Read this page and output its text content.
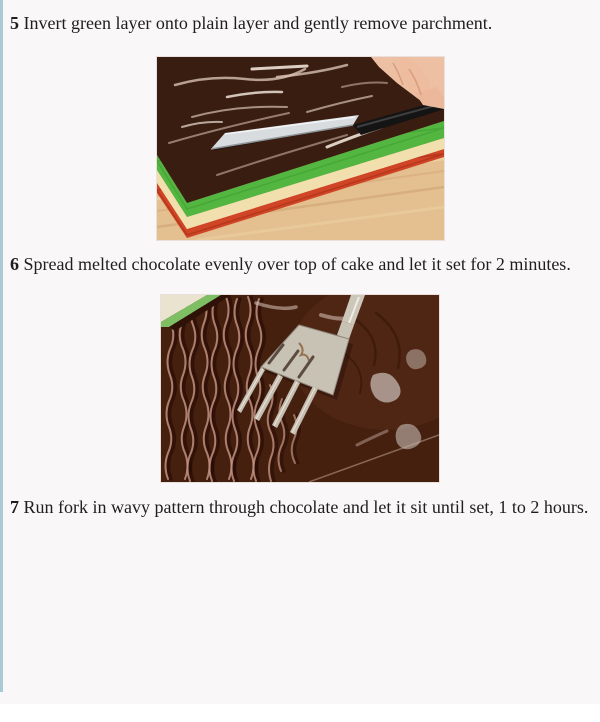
5 Invert green layer onto plain layer and gently remove parchment.

6 Spread melted chocolate evenly over top of cake and let it set for 2 minutes.

7 Run fork in wavy pattern through chocolate and let it sit until set, 1 to 2 hours.
